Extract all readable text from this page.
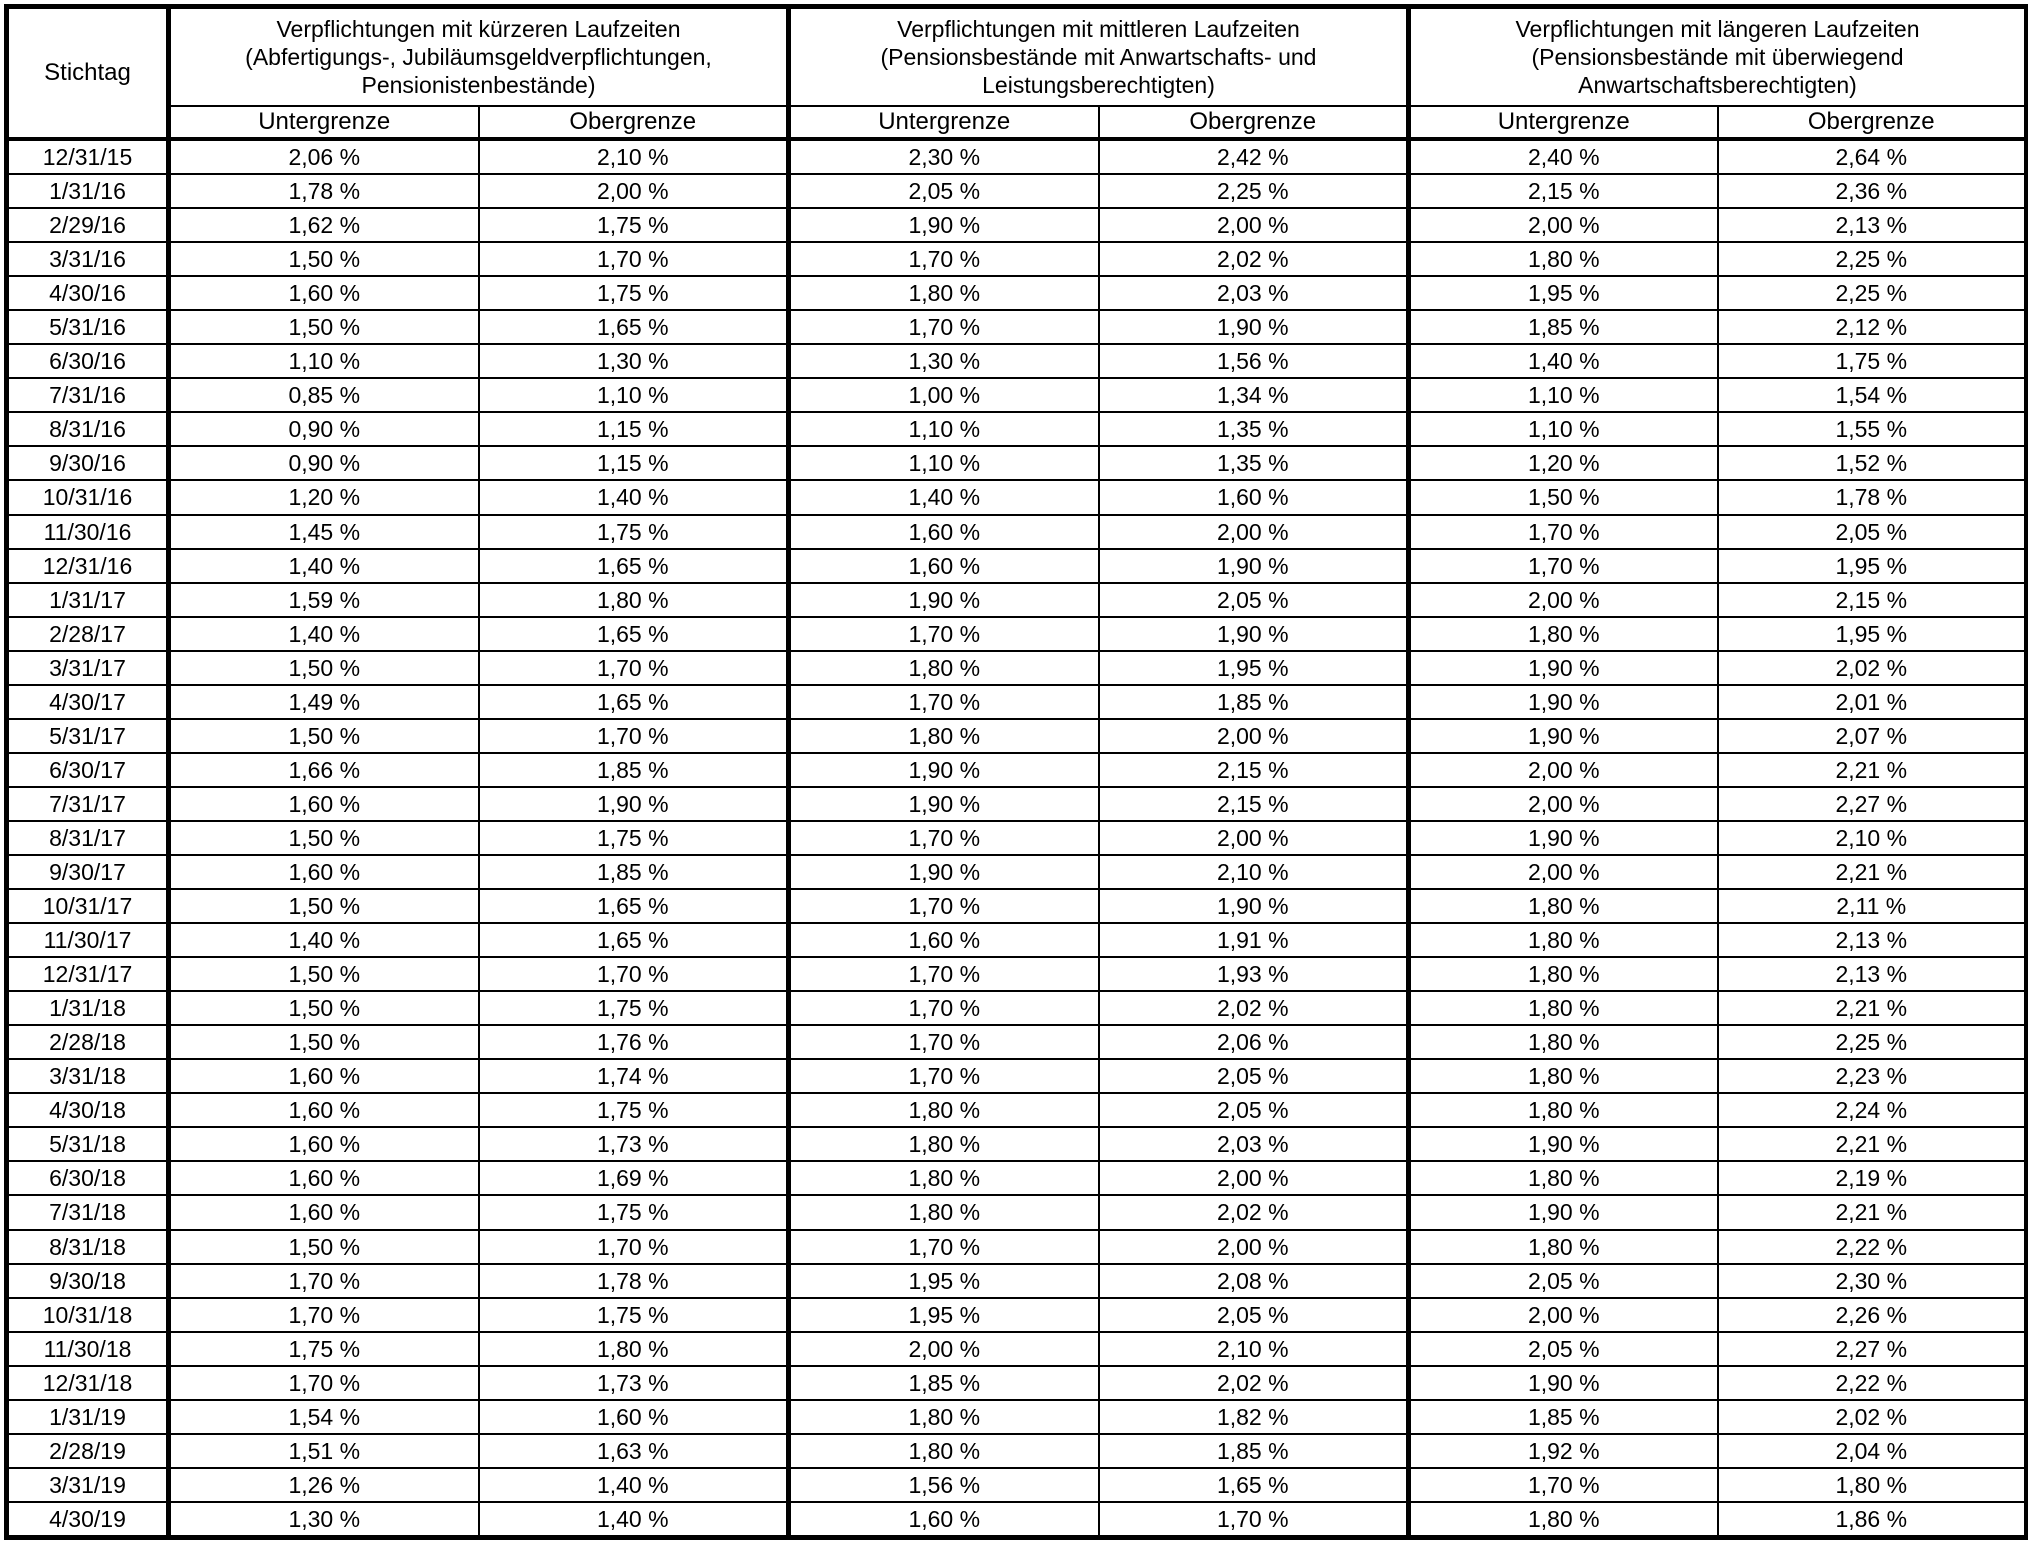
Stichtag	Verpflichtungen mit kürzeren Laufzeiten
(Abfertigungs-, Jubiläumsgeldverpflichtungen,
Pensionistenbestände)		Verpflichtungen mit mittleren Laufzeiten
(Pensionsbestände mit Anwartschafts- und
Leistungsberechtigten)		Verpflichtungen mit längeren Laufzeiten
(Pensionsbestände mit überwiegend
Anwartschaftsberechtigten)	

	Untergrenze	Obergrenze	Untergrenze	Obergrenze	Untergrenze	Obergrenze
12/31/15	2,06 %	2,10 %	2,30 %	2,42 %	2,40 %	2,64 %
1/31/16	1,78 %	2,00 %	2,05 %	2,25 %	2,15 %	2,36 %
2/29/16	1,62 %	1,75 %	1,90 %	2,00 %	2,00 %	2,13 %
3/31/16	1,50 %	1,70 %	1,70 %	2,02 %	1,80 %	2,25 %
4/30/16	1,60 %	1,75 %	1,80 %	2,03 %	1,95 %	2,25 %
5/31/16	1,50 %	1,65 %	1,70 %	1,90 %	1,85 %	2,12 %
6/30/16	1,10 %	1,30 %	1,30 %	1,56 %	1,40 %	1,75 %
7/31/16	0,85 %	1,10 %	1,00 %	1,34 %	1,10 %	1,54 %
8/31/16	0,90 %	1,15 %	1,10 %	1,35 %	1,10 %	1,55 %
9/30/16	0,90 %	1,15 %	1,10 %	1,35 %	1,20 %	1,52 %
10/31/16	1,20 %	1,40 %	1,40 %	1,60 %	1,50 %	1,78 %
11/30/16	1,45 %	1,75 %	1,60 %	2,00 %	1,70 %	2,05 %
12/31/16	1,40 %	1,65 %	1,60 %	1,90 %	1,70 %	1,95 %
1/31/17	1,59 %	1,80 %	1,90 %	2,05 %	2,00 %	2,15 %
2/28/17	1,40 %	1,65 %	1,70 %	1,90 %	1,80 %	1,95 %
3/31/17	1,50 %	1,70 %	1,80 %	1,95 %	1,90 %	2,02 %
4/30/17	1,49 %	1,65 %	1,70 %	1,85 %	1,90 %	2,01 %
5/31/17	1,50 %	1,70 %	1,80 %	2,00 %	1,90 %	2,07 %
6/30/17	1,66 %	1,85 %	1,90 %	2,15 %	2,00 %	2,21 %
7/31/17	1,60 %	1,90 %	1,90 %	2,15 %	2,00 %	2,27 %
8/31/17	1,50 %	1,75 %	1,70 %	2,00 %	1,90 %	2,10 %
9/30/17	1,60 %	1,85 %	1,90 %	2,10 %	2,00 %	2,21 %
10/31/17	1,50 %	1,65 %	1,70 %	1,90 %	1,80 %	2,11 %
11/30/17	1,40 %	1,65 %	1,60 %	1,91 %	1,80 %	2,13 %
12/31/17	1,50 %	1,70 %	1,70 %	1,93 %	1,80 %	2,13 %
1/31/18	1,50 %	1,75 %	1,70 %	2,02 %	1,80 %	2,21 %
2/28/18	1,50 %	1,76 %	1,70 %	2,06 %	1,80 %	2,25 %
3/31/18	1,60 %	1,74 %	1,70 %	2,05 %	1,80 %	2,23 %
4/30/18	1,60 %	1,75 %	1,80 %	2,05 %	1,80 %	2,24 %
5/31/18	1,60 %	1,73 %	1,80 %	2,03 %	1,90 %	2,21 %
6/30/18	1,60 %	1,69 %	1,80 %	2,00 %	1,80 %	2,19 %
7/31/18	1,60 %	1,75 %	1,80 %	2,02 %	1,90 %	2,21 %
8/31/18	1,50 %	1,70 %	1,70 %	2,00 %	1,80 %	2,22 %
9/30/18	1,70 %	1,78 %	1,95 %	2,08 %	2,05 %	2,30 %
10/31/18	1,70 %	1,75 %	1,95 %	2,05 %	2,00 %	2,26 %
11/30/18	1,75 %	1,80 %	2,00 %	2,10 %	2,05 %	2,27 %
12/31/18	1,70 %	1,73 %	1,85 %	2,02 %	1,90 %	2,22 %
1/31/19	1,54 %	1,60 %	1,80 %	1,82 %	1,85 %	2,02 %
2/28/19	1,51 %	1,63 %	1,80 %	1,85 %	1,92 %	2,04 %
3/31/19	1,26 %	1,40 %	1,56 %	1,65 %	1,70 %	1,80 %
4/30/19	1,30 %	1,40 %	1,60 %	1,70 %	1,80 %	1,86 %
